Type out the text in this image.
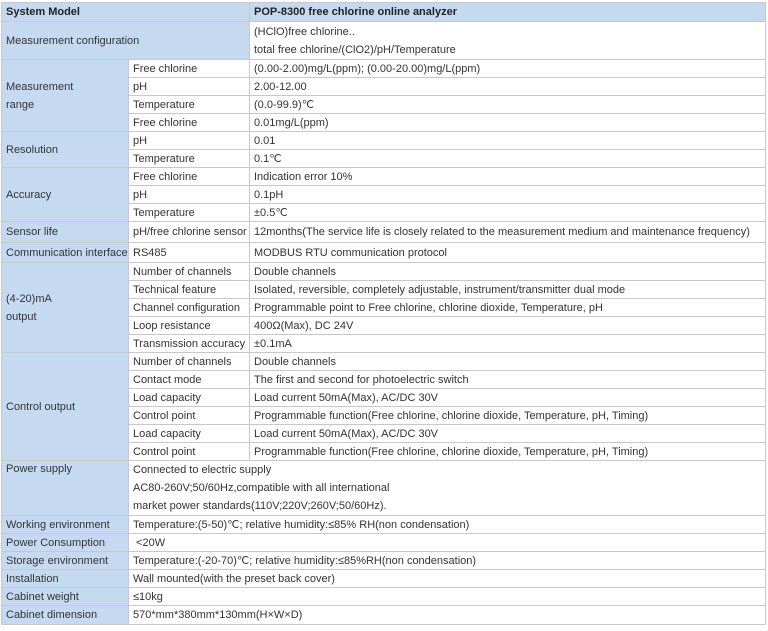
System Model		POP-8300 free chlorine online analyzer
Measurement configuration		(HClO)free chlorine..
total free chlorine/(ClO2)/pH/Temperature

Measurement
range	Free chlorine	(0.00-2.00)mg/L(ppm); (0.00-20.00)mg/L(ppm)
	pH	2.00-12.00
	Temperature	(0.0-99.9)℃
	Free chlorine	0.01mg/L(ppm)
Resolution	pH	0.01
	Temperature	0.1℃
Accuracy	Free chlorine	Indication error 10%
	pH	0.1pH
	Temperature	±0.5℃
Sensor life	pH/free chlorine sensor	12months(The service life is closely related to the measurement medium and maintenance frequency)
Communication interface	RS485	MODBUS RTU communication protocol

(4-20)mA
output	Number of channels	Double channels
	Technical feature	Isolated, reversible, completely adjustable, instrument/transmitter dual mode
	Channel configuration	Programmable point to Free chlorine, chlorine dioxide, Temperature, pH
	Loop resistance	400Ω(Max), DC 24V
	Transmission accuracy	±0.1mA
Control output	Number of channels	Double channels
	Contact mode	The first and second for photoelectric switch
	Load capacity	Load current 50mA(Max), AC/DC 30V
	Control point	Programmable function(Free chlorine, chlorine dioxide, Temperature, pH, Timing)
	Load capacity	Load current 50mA(Max), AC/DC 30V
	Control point	Programmable function(Free chlorine, chlorine dioxide, Temperature, pH, Timing)
Power supply	Connected to electric supply
AC80-260V;50/60Hz,compatible with all international
market power standards(110V;220V;260V;50/60Hz).	

Working environment	Temperature:(5-50)℃; relative humidity:≤85% RH(non condensation)	
Power Consumption	<20W	
Storage environment	Temperature:(-20-70)℃; relative humidity:≤85%RH(non condensation)	
Installation	Wall mounted(with the preset back cover)	
Cabinet weight	≤10kg	
Cabinet dimension	570*mm*380mm*130mm(H×W×D)	
